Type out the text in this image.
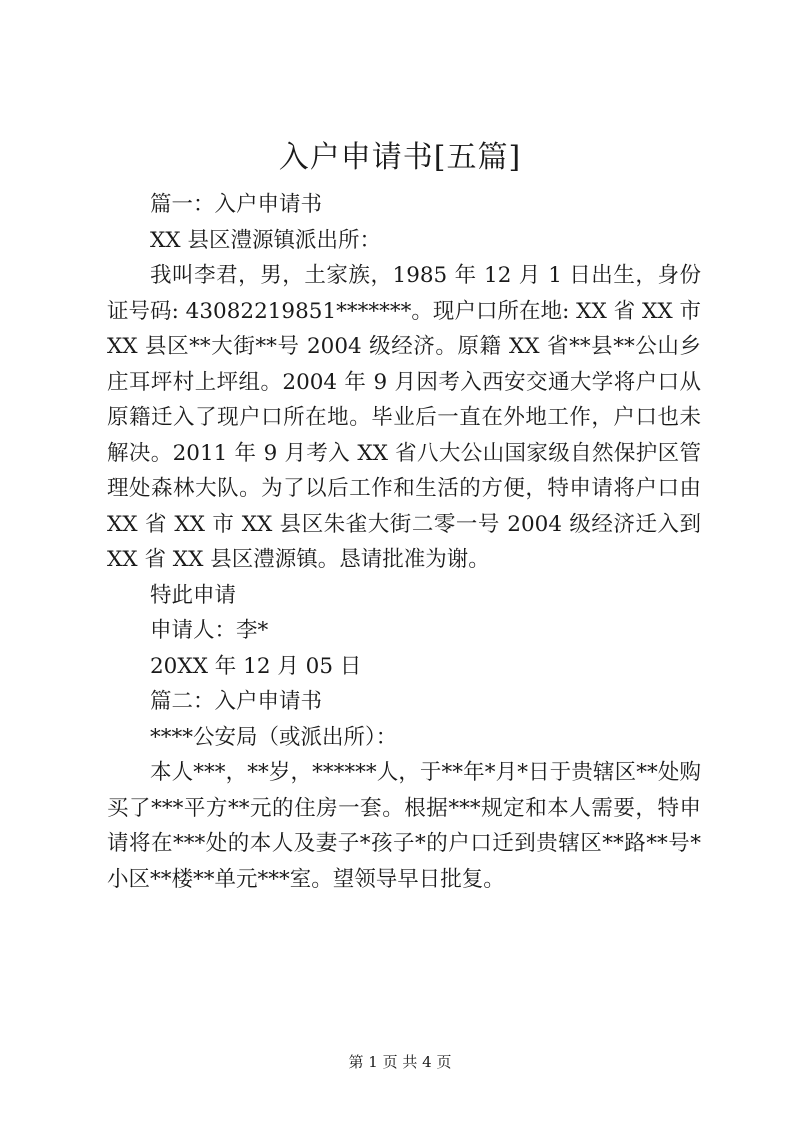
入户申请书[五篇]

篇一：入户申请书

XX 县区澧源镇派出所：

我叫李君，男，土家族，1985 年 12 月 1 日出生，身份证号码: 43082219851*******。现户口所在地: XX 省 XX 市 XX 县区**大街**号 2004 级经济。原籍 XX 省**县**公山乡庄耳坪村上坪组。2004 年 9 月因考入西安交通大学将户口从原籍迁入了现户口所在地。毕业后一直在外地工作，户口也未解决。2011 年 9 月考入 XX 省八大公山国家级自然保护区管理处森林大队。为了以后工作和生活的方便，特申请将户口由 XX 省 XX 市 XX 县区朱雀大街二零一号 2004 级经济迁入到 XX 省 XX 县区澧源镇。恳请批准为谢。

特此申请

申请人：李*

20XX 年 12 月 05 日

篇二：入户申请书

****公安局（或派出所）：

本人***，**岁，******人，于**年*月*日于贵辖区**处购买了***平方**元的住房一套。根据***规定和本人需要，特申请将在***处的本人及妻子*孩子*的户口迁到贵辖区**路**号*小区**楼**单元***室。望领导早日批复。

第 1 页 共 4 页
